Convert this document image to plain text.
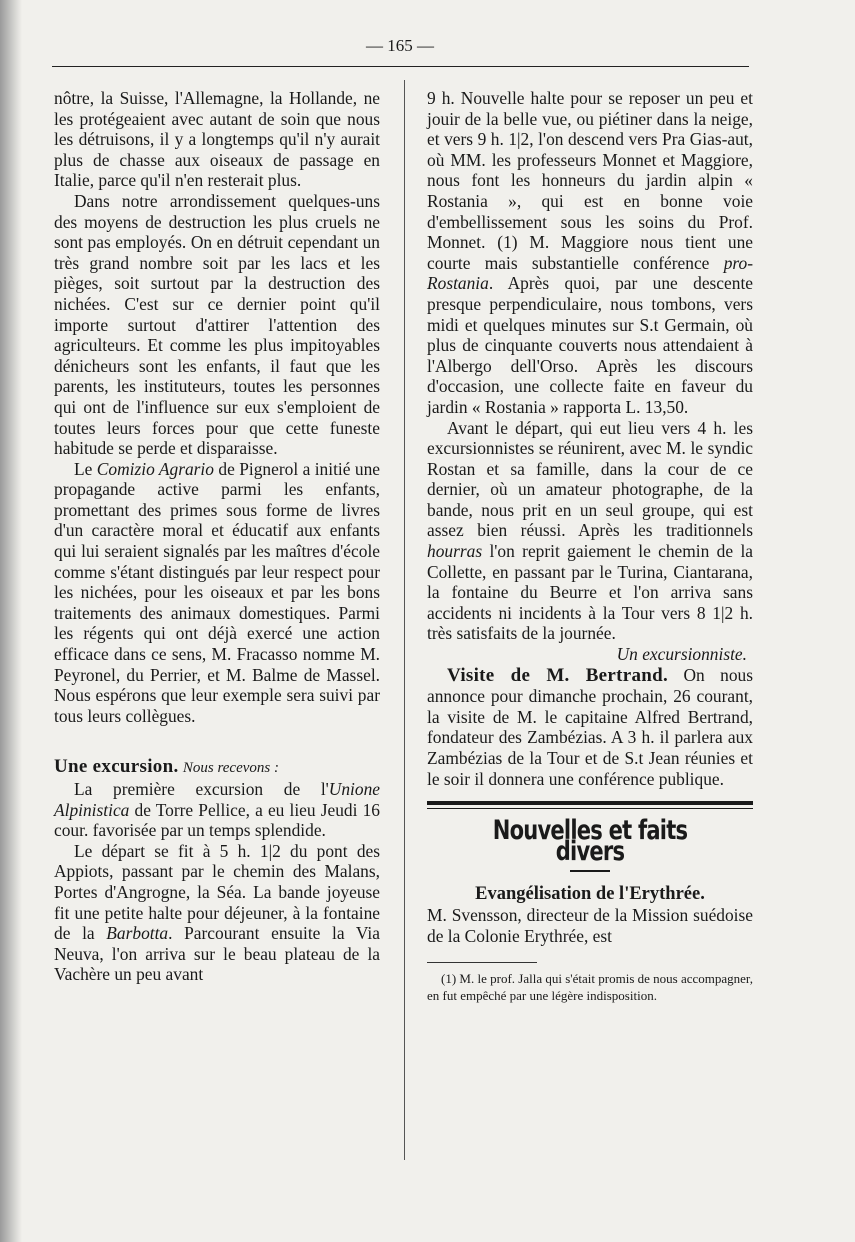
— 165 —

nôtre, la Suisse, l'Allemagne, la Hollande, ne les protégeaient avec autant de soin que nous les détruisons, il y a longtemps qu'il n'y aurait plus de chasse aux oiseaux de passage en Italie, parce qu'il n'en resterait plus.

Dans notre arrondissement quelques-uns des moyens de destruction les plus cruels ne sont pas employés. On en détruit cependant un très grand nombre soit par les lacs et les pièges, soit surtout par la destruction des nichées. C'est sur ce dernier point qu'il importe surtout d'attirer l'attention des agriculteurs. Et comme les plus impitoyables dénicheurs sont les enfants, il faut que les parents, les instituteurs, toutes les personnes qui ont de l'influence sur eux s'emploient de toutes leurs forces pour que cette funeste habitude se perde et disparaisse.

Le Comizio Agrario de Pignerol a initié une propagande active parmi les enfants, promettant des primes sous forme de livres d'un caractère moral et éducatif aux enfants qui lui seraient signalés par les maîtres d'école comme s'étant distingués par leur respect pour les nichées, pour les oiseaux et par les bons traitements des animaux domestiques. Parmi les régents qui ont déjà exercé une action efficace dans ce sens, M. Fracasso nomme M. Peyronel, du Perrier, et M. Balme de Massel. Nous espérons que leur exemple sera suivi par tous leurs collègues.

Une excursion. Nous recevons :

La première excursion de l'Unione Alpinistica de Torre Pellice, a eu lieu Jeudi 16 cour. favorisée par un temps splendide.

Le départ se fit à 5 h. 1|2 du pont des Appiots, passant par le chemin des Malans, Portes d'Angrogne, la Séa. La bande joyeuse fit une petite halte pour déjeuner, à la fontaine de la Barbotta. Parcourant ensuite la Via Neuva, l'on arriva sur le beau plateau de la Vachère un peu avant

9 h. Nouvelle halte pour se reposer un peu et jouir de la belle vue, ou piétiner dans la neige, et vers 9 h. 1|2, l'on descend vers Pra Gias-aut, où MM. les professeurs Monnet et Maggiore, nous font les honneurs du jardin alpin « Rostania », qui est en bonne voie d'embellissement sous les soins du Prof. Monnet. (1) M. Maggiore nous tient une courte mais substantielle conférence pro-Rostania. Après quoi, par une descente presque perpendiculaire, nous tombons, vers midi et quelques minutes sur S.t Germain, où plus de cinquante couverts nous attendaient à l'Albergo dell'Orso. Après les discours d'occasion, une collecte faite en faveur du jardin « Rostania » rapporta L. 13,50.

Avant le départ, qui eut lieu vers 4 h. les excursionnistes se réunirent, avec M. le syndic Rostan et sa famille, dans la cour de ce dernier, où un amateur photographe, de la bande, nous prit en un seul groupe, qui est assez bien réussi. Après les traditionnels hourras l'on reprit gaiement le chemin de la Collette, en passant par le Turina, Ciantarana, la fontaine du Beurre et l'on arriva sans accidents ni incidents à la Tour vers 8 1|2 h. très satisfaits de la journée.

Un excursionniste.

Visite de M. Bertrand. On nous annonce pour dimanche prochain, 26 courant, la visite de M. le capitaine Alfred Bertrand, fondateur des Zambézias. A 3 h. il parlera aux Zambézias de la Tour et de S.t Jean réunies et le soir il donnera une conférence publique.

Nouvelles et faits divers

Evangélisation de l'Erythrée.

M. Svensson, directeur de la Mission suédoise de la Colonie Erythrée, est

(1) M. le prof. Jalla qui s'était promis de nous accompagner, en fut empêché par une légère indisposition.
